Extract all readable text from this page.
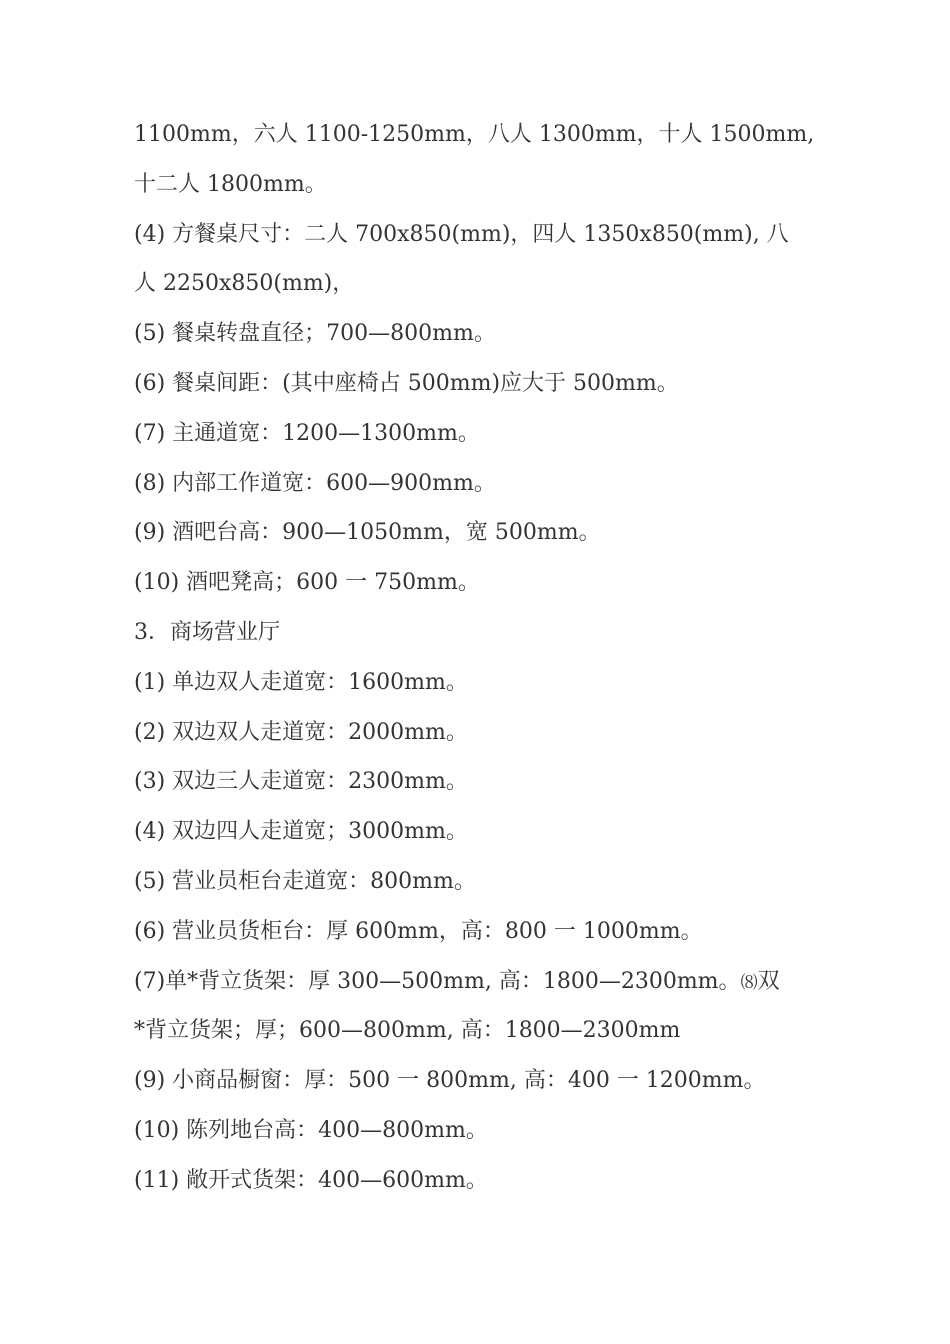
1100mm，六人 1100-1250mm，八人 1300mm，十人 1500mm,
十二人 1800mm。
(4) 方餐桌尺寸：二人 700x850(mm)，四人 1350x850(mm), 八
人 2250x850(mm)，
(5) 餐桌转盘直径；700—800mm。
(6) 餐桌间距：(其中座椅占 500mm)应大于 500mm。
(7) 主通道宽：1200—1300mm。
(8) 内部工作道宽：600—900mm。
(9) 酒吧台高：900—1050mm，宽 500mm。
(10) 酒吧凳高；600 一 750mm。
3．商场营业厅
(1) 单边双人走道宽：1600mm。
(2) 双边双人走道宽：2000mm。
(3) 双边三人走道宽：2300mm。
(4) 双边四人走道宽；3000mm。
(5) 营业员柜台走道宽：800mm。
(6) 营业员货柜台：厚 600mm，高：800 一 1000mm。
(7)单*背立货架：厚 300—500mm, 高：1800—2300mm。⑻双
*背立货架；厚；600—800mm, 高：1800—2300mm
(9) 小商品橱窗：厚：500 一 800mm, 高：400 一 1200mm。
(10) 陈列地台高：400—800mm。
(11) 敞开式货架：400—600mm。
